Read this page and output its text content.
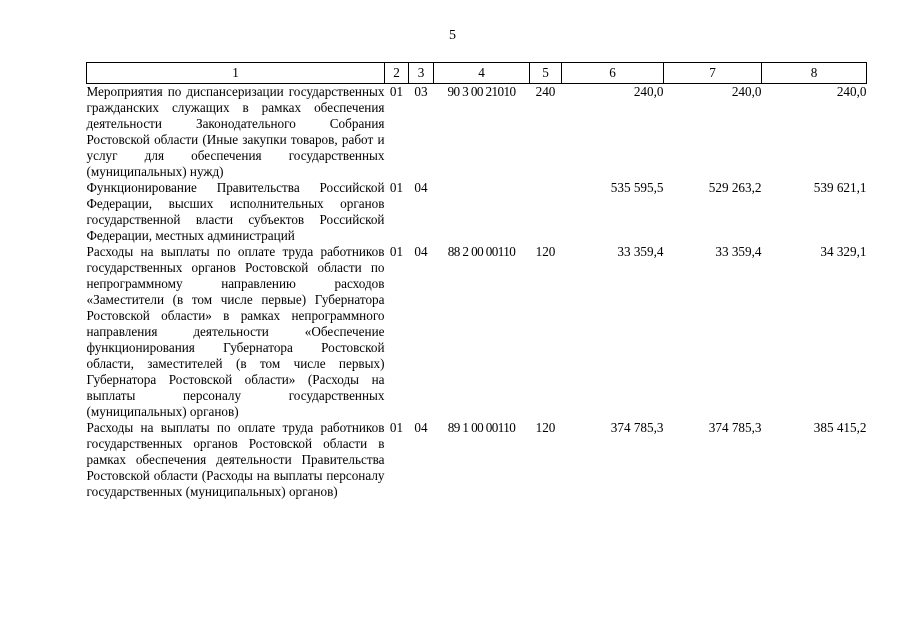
5
1	2	3	4	5	6	7	8
Мероприятия по диспансеризации государственных гражданских служащих в рамках обеспечения деятельности Законодательного Собрания Ростовской области (Иные закупки товаров, работ и услуг для обеспечения государственных (муниципальных) нужд)	01	03	90 3 00 21010	240	240,0	240,0	240,0
Функционирование Правительства Российской Федерации, высших исполнительных органов государственной власти субъектов Российской Федерации, местных администраций	01	04			535 595,5	529 263,2	539 621,1
Расходы на выплаты по оплате труда работников государственных органов Ростовской области по непрограммному направлению расходов «Заместители (в том числе первые) Губернатора Ростовской области» в рамках непрограммного направления деятельности «Обеспечение функционирования Губернатора Ростовской области, заместителей (в том числе первых) Губернатора Ростовской области» (Расходы на выплаты персоналу государственных (муниципальных) органов)	01	04	88 2 00 00110	120	33 359,4	33 359,4	34 329,1
Расходы на выплаты по оплате труда работников государственных органов Ростовской области в рамках обеспечения деятельности Правительства Ростовской области (Расходы на выплаты персоналу государственных (муниципальных) органов)	01	04	89 1 00 00110	120	374 785,3	374 785,3	385 415,2
